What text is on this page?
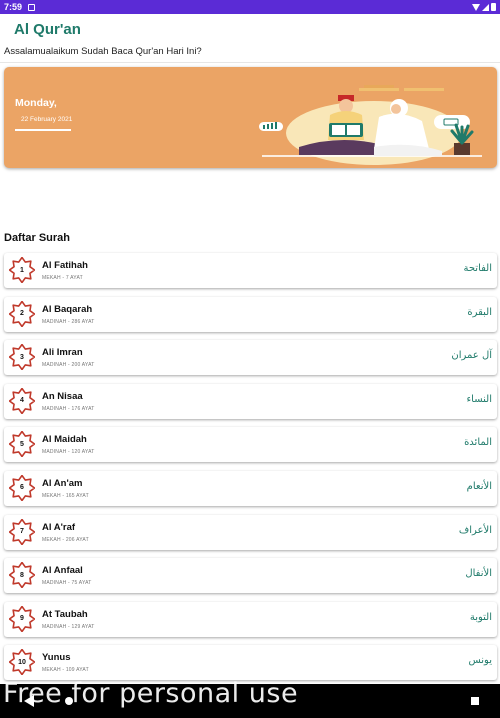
7:59
Al Qur'an
Assalamualaikum Sudah Baca Qur'an Hari Ini?
Monday,
22 February 2021
Daftar Surah
1	Al Fatihah
MEKAH - 7 AYAT
الفاتحة
2	Al Baqarah
MADINAH - 286 AYAT
البقرة
3	Ali Imran
MADINAH - 200 AYAT
آل عمران
4	An Nisaa
MADINAH - 176 AYAT
النساء
5	Al Maidah
MADINAH - 120 AYAT
المائدة
6	Al An'am
MEKAH - 165 AYAT
الأنعام
7	Al A'raf
MEKAH - 206 AYAT
الأعراف
8	Al Anfaal
MADINAH - 75 AYAT
الأنفال
9	At Taubah
MADINAH - 129 AYAT
التوبة
10	Yunus
MEKAH - 109 AYAT
يونس
Free for personal use
